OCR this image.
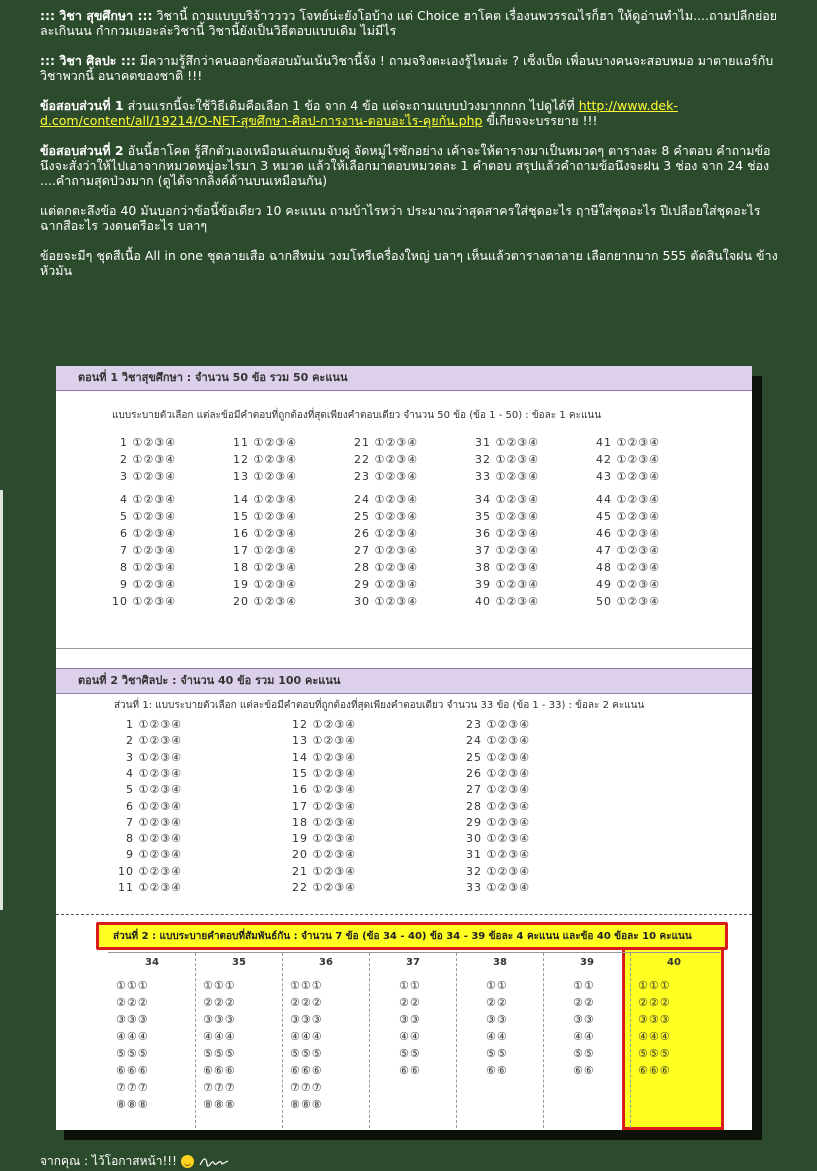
::: วิชา สุขศึกษา ::: วิชานี้ ถามแบบบริจ้าวววว โจทย์น่ะยังโอบ้าง แต่ Choice ฮาโคต เรื่องนพวรรณไรก็ฮา ให้ดูอ่านทำไม....ถามปลีกย่อยละเกินนน กำกวมเยอะล่ะวิชานี้ วิชานี้ยังเป็นวิธีตอบแบบเดิม ไม่มีไร

::: วิชา ศิลปะ ::: มีความรู้สึกว่าคนออกข้อสอบมันเน้นวิชานี้จัง ! ถามจริงตะเองรู้ไหมล่ะ ? เซ็งเป็ด เพื่อนบางคนจะสอบหมอ มาตายแอร์กับวิชาพวกนี้ อนาคตของชาติ !!!

ข้อสอบส่วนที่ 1 ส่วนแรกนี้จะใช้วิธีเดิมคือเลือก 1 ข้อ จาก 4 ข้อ แต่จะถามแบบป่วงมากกกก ไปดูได้ที่ http://www.dek-d.com/content/all/19214/O-NET-สุขศึกษา-ศิลป-การงาน-ตอบอะไร-คุยกัน.php ขี้เกียจจะบรรยาย !!!

ข้อสอบส่วนที่ 2 อันนี้ฮาโคต รู้สึกตัวเองเหมือนเล่นเกมจับคู่ จัดหมู่ไรซักอย่าง เค้าจะให้ตารางมาเป็นหมวดๆ ตารางละ 8 คำตอบ คำถามข้อนึงจะสั่งว่าให้ไปเอาจากหมวดหมู่อะไรมา 3 หมวด แล้วให้เลือกมาตอบหมวดละ 1 คำตอบ สรุปแล้วคำถามข้อนึงจะฝน 3 ช่อง จาก 24 ช่อง
....คำถามสุดป่วงมาก (ดูได้จากลิงค์ด้านบนเหมือนกัน)

แต่ตกตะลึงข้อ 40 มันบอกว่าข้อนี้ข้อเดียว 10 คะแนน ถามบ้าไรหว่า ประมาณว่าสุดสาครใส่ชุดอะไร ฤาษีใส่ชุดอะไร ปีเปลือยใส่ชุดอะไร ฉากสีอะไร วงดนตรีอะไร บลาๆ

ข้อยจะมีๆ ชุดสีเนื้อ All in one ชุดลายเสือ ฉากสีหม่น วงมโหรีเครื่องใหญ่ บลาๆ เห็นแล้วตารางตาลาย เลือกยากมาก 555 ตัดสินใจฝน ข้างหัวมัน

ตอนที่ 1 วิชาสุขศึกษา : จำนวน 50 ข้อ รวม 50 คะแนน
แบบระบายตัวเลือก แต่ละข้อมีคำตอบที่ถูกต้องที่สุดเพียงคำตอบเดียว จำนวน 50 ข้อ (ข้อ 1 - 50) : ข้อละ 1 คะแนน
 1 ①②③④
 2 ①②③④
 3 ①②③④
 4 ①②③④
 5 ①②③④
 6 ①②③④
 7 ①②③④
 8 ①②③④
 9 ①②③④
10 ①②③④
11 ①②③④
12 ①②③④
13 ①②③④
14 ①②③④
15 ①②③④
16 ①②③④
17 ①②③④
18 ①②③④
19 ①②③④
20 ①②③④
21 ①②③④
22 ①②③④
23 ①②③④
24 ①②③④
25 ①②③④
26 ①②③④
27 ①②③④
28 ①②③④
29 ①②③④
30 ①②③④
31 ①②③④
32 ①②③④
33 ①②③④
34 ①②③④
35 ①②③④
36 ①②③④
37 ①②③④
38 ①②③④
39 ①②③④
40 ①②③④
41 ①②③④
42 ①②③④
43 ①②③④
44 ①②③④
45 ①②③④
46 ①②③④
47 ①②③④
48 ①②③④
49 ①②③④
50 ①②③④
ตอนที่ 2 วิชาศิลปะ : จำนวน 40 ข้อ รวม 100 คะแนน
ส่วนที่ 1: แบบระบายตัวเลือก แต่ละข้อมีคำตอบที่ถูกต้องที่สุดเพียงคำตอบเดียว จำนวน 33 ข้อ (ข้อ 1 - 33) : ข้อละ 2 คะแนน
 1 ①②③④
 2 ①②③④
 3 ①②③④
 4 ①②③④
 5 ①②③④
 6 ①②③④
 7 ①②③④
 8 ①②③④
 9 ①②③④
10 ①②③④
11 ①②③④
12 ①②③④
13 ①②③④
14 ①②③④
15 ①②③④
16 ①②③④
17 ①②③④
18 ①②③④
19 ①②③④
20 ①②③④
21 ①②③④
22 ①②③④
23 ①②③④
24 ①②③④
25 ①②③④
26 ①②③④
27 ①②③④
28 ①②③④
29 ①②③④
30 ①②③④
31 ①②③④
32 ①②③④
33 ①②③④
ส่วนที่ 2 : แบบระบายคำตอบที่สัมพันธ์กัน : จำนวน 7 ข้อ (ข้อ 34 - 40) ข้อ 34 - 39 ข้อละ 4 คะแนน และข้อ 40 ข้อละ 10 คะแนน
34
①①①
②②②
③③③
④④④
⑤⑤⑤
⑥⑥⑥
⑦⑦⑦
⑧⑧⑧
35
①①①
②②②
③③③
④④④
⑤⑤⑤
⑥⑥⑥
⑦⑦⑦
⑧⑧⑧
36
①①①
②②②
③③③
④④④
⑤⑤⑤
⑥⑥⑥
⑦⑦⑦
⑧⑧⑧
37
①①
②②
③③
④④
⑤⑤
⑥⑥
38
①①
②②
③③
④④
⑤⑤
⑥⑥
39
①①
②②
③③
④④
⑤⑤
⑥⑥
40
①①①
②②②
③③③
④④④
⑤⑤⑤
⑥⑥⑥
จากคุณ : ไว้โอกาสหน้า!!!
